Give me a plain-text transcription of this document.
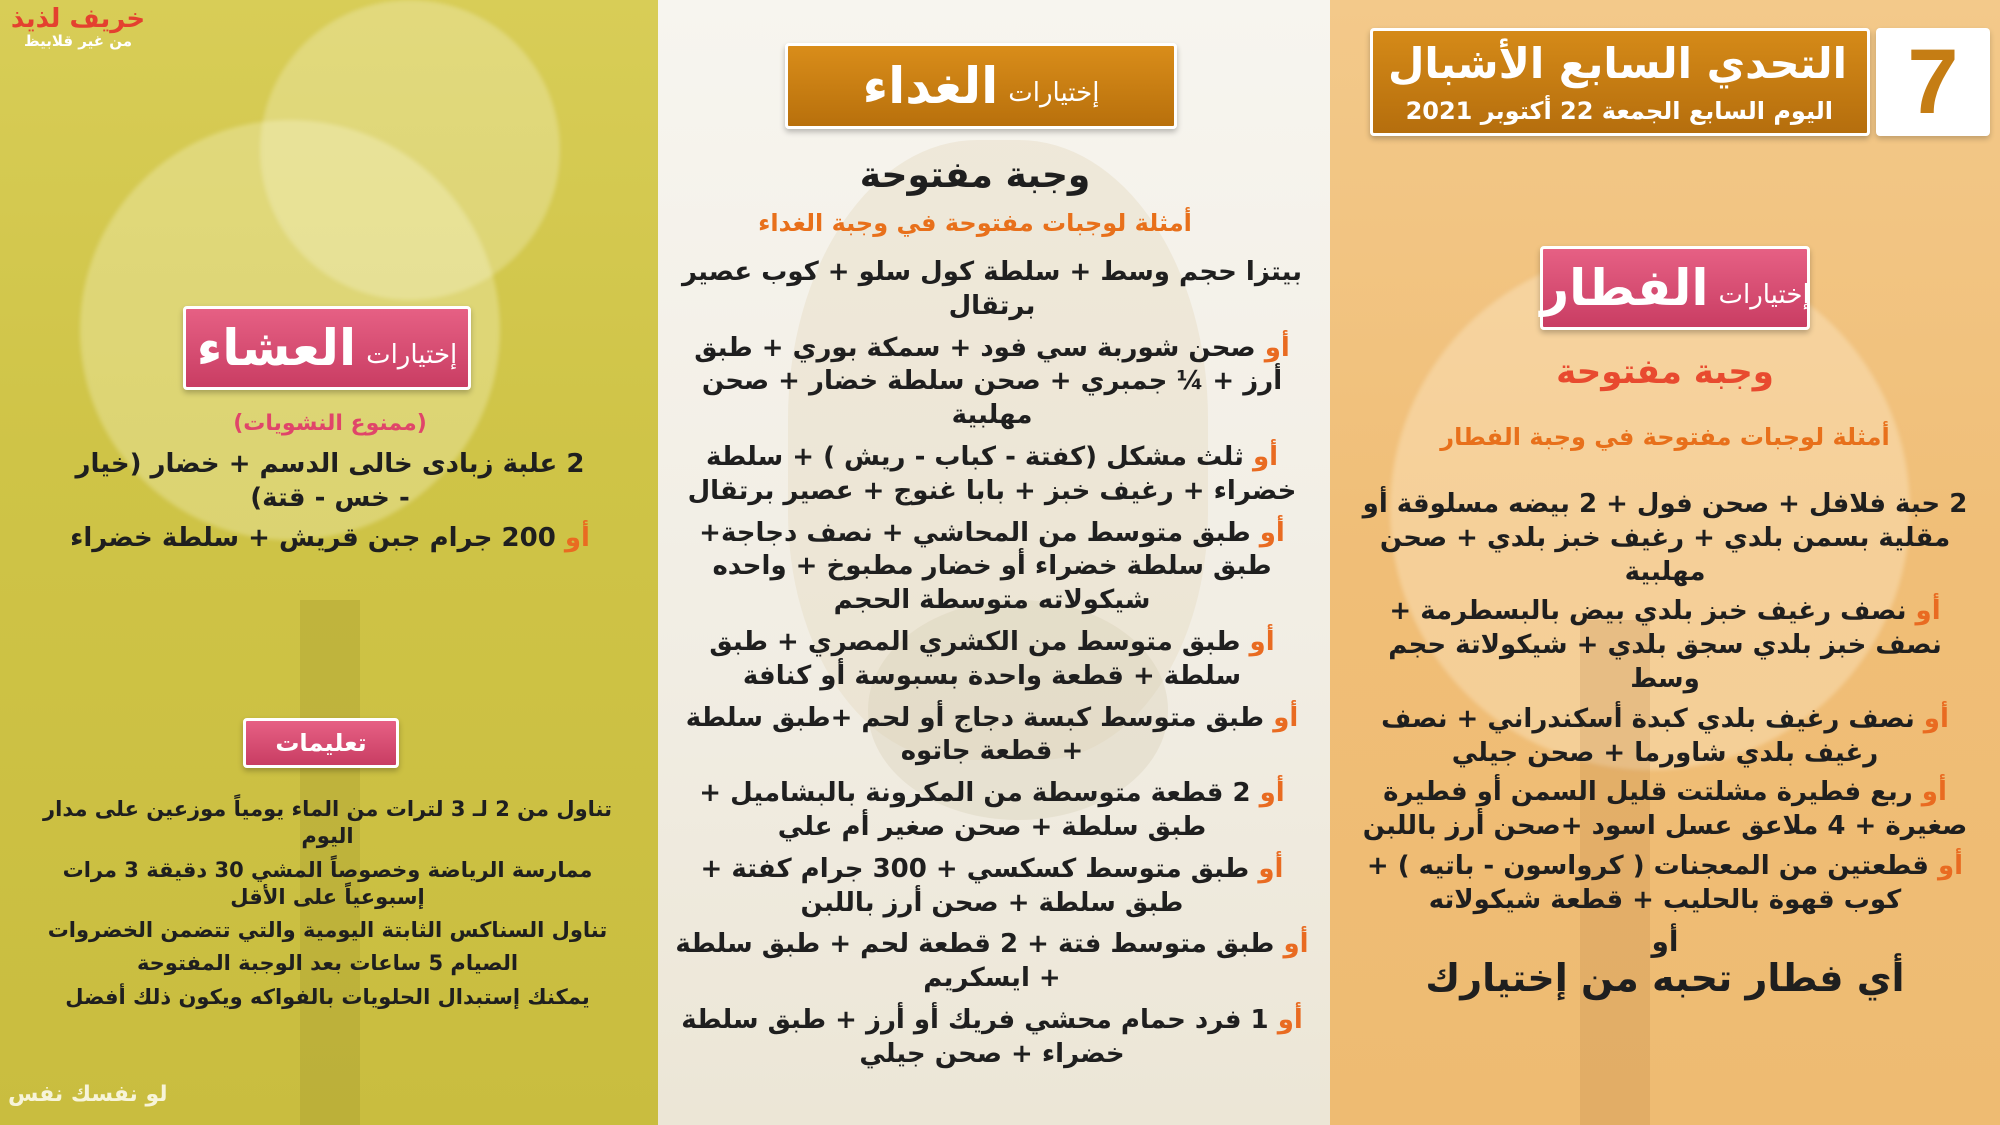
خريف لذيذ
من غير قلابيظ
لو نفسك نفس
التحدي السابع الأشبال
اليوم السابع الجمعة 22 أكتوبر 2021 7
إختيارات
الغداء
إختيارات
الفطار
إختيارات
العشاء
تعليمات
وجبة مفتوحة
أمثلة لوجبات مفتوحة في وجبة الفطار
2 حبة فلافل + صحن فول + 2 بيضه مسلوقة أو مقلية بسمن بلدي + رغيف خبز بلدي + صحن مهلبية
أو نصف رغيف خبز بلدي بيض بالبسطرمة + نصف خبز بلدي سجق بلدي + شيكولاتة حجم وسط
أو نصف رغيف بلدي كبدة أسكندراني + نصف رغيف بلدي شاورما + صحن جيلي
أو ربع فطيرة مشلتت قليل السمن أو فطيرة صغيرة + 4 ملاعق عسل اسود +صحن أرز باللبن
أو قطعتين من المعجنات ( كرواسون - باتيه ) + كوب قهوة بالحليب + قطعة شيكولاته
أو
أي فطار تحبه من إختيارك
وجبة مفتوحة
أمثلة لوجبات مفتوحة في وجبة الغداء
بيتزا حجم وسط + سلطة كول سلو + كوب عصير برتقال
أو صحن شوربة سي فود + سمكة بوري + طبق أرز + ¼ جمبري + صحن سلطة خضار + صحن مهلبية
أو ثلث مشكل (كفتة - كباب - ريش ) + سلطة خضراء + رغيف خبز + بابا غنوج + عصير برتقال
أو طبق متوسط من المحاشي + نصف دجاجة+ طبق سلطة خضراء أو خضار مطبوخ + واحده شيكولاته متوسطة الحجم
أو طبق متوسط من الكشري المصري + طبق سلطة + قطعة واحدة بسبوسة أو كنافة
أو طبق متوسط كبسة دجاج أو لحم +طبق سلطة + قطعة جاتوه
أو 2 قطعة متوسطة من المكرونة بالبشاميل + طبق سلطة + صحن صغير أم علي
أو طبق متوسط كسكسي + 300 جرام كفتة + طبق سلطة + صحن أرز باللبن
أو طبق متوسط فتة + 2 قطعة لحم + طبق سلطة + ايسكريم
أو 1 فرد حمام محشي فريك أو أرز + طبق سلطة خضراء + صحن جيلي
(ممنوع النشويات)
2 علبة زبادى خالى الدسم + خضار (خيار - خس - قتة)
أو 200 جرام جبن قريش + سلطة خضراء
تناول من 2 لـ 3 لترات من الماء يومياً موزعين على مدار اليوم
ممارسة الرياضة وخصوصاً المشي 30 دقيقة 3 مرات إسبوعياً على الأقل
تناول السناكس الثابتة اليومية والتي تتضمن الخضروات
الصيام 5 ساعات بعد الوجبة المفتوحة
يمكنك إستبدال الحلويات بالفواكه ويكون ذلك أفضل
